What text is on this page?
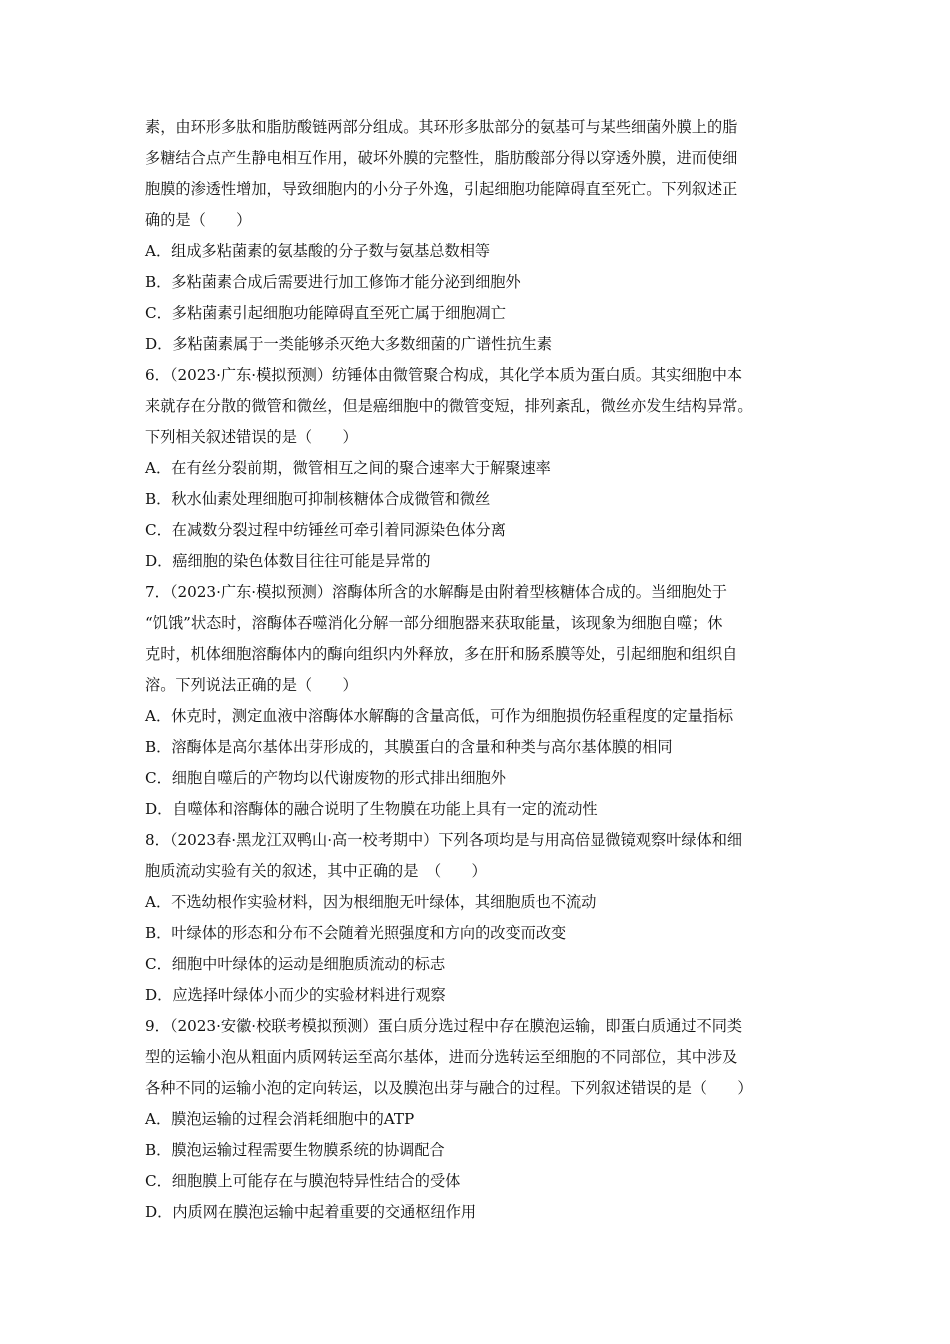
素，由环形多肽和脂肪酸链两部分组成。其环形多肽部分的氨基可与某些细菌外膜上的脂
多糖结合点产生静电相互作用，破坏外膜的完整性，脂肪酸部分得以穿透外膜，进而使细
胞膜的渗透性增加，导致细胞内的小分子外逸，引起细胞功能障碍直至死亡。下列叙述正
确的是（　　）
A．组成多粘菌素的氨基酸的分子数与氨基总数相等
B．多粘菌素合成后需要进行加工修饰才能分泌到细胞外
C．多粘菌素引起细胞功能障碍直至死亡属于细胞凋亡
D．多粘菌素属于一类能够杀灭绝大多数细菌的广谱性抗生素
6．（2023·广东·模拟预测）纺锤体由微管聚合构成，其化学本质为蛋白质。其实细胞中本
来就存在分散的微管和微丝，但是癌细胞中的微管变短，排列紊乱，微丝亦发生结构异常。
下列相关叙述错误的是（　　）
A．在有丝分裂前期，微管相互之间的聚合速率大于解聚速率
B．秋水仙素处理细胞可抑制核糖体合成微管和微丝
C．在减数分裂过程中纺锤丝可牵引着同源染色体分离
D．癌细胞的染色体数目往往可能是异常的
7．（2023·广东·模拟预测）溶酶体所含的水解酶是由附着型核糖体合成的。当细胞处于
“饥饿”状态时，溶酶体吞噬消化分解一部分细胞器来获取能量，该现象为细胞自噬；休
克时，机体细胞溶酶体内的酶向组织内外释放，多在肝和肠系膜等处，引起细胞和组织自
溶。下列说法正确的是（　　）
A．休克时，测定血液中溶酶体水解酶的含量高低，可作为细胞损伤轻重程度的定量指标
B．溶酶体是高尔基体出芽形成的，其膜蛋白的含量和种类与高尔基体膜的相同
C．细胞自噬后的产物均以代谢废物的形式排出细胞外
D．自噬体和溶酶体的融合说明了生物膜在功能上具有一定的流动性
8．（2023春·黑龙江双鸭山·高一校考期中）下列各项均是与用高倍显微镜观察叶绿体和细
胞质流动实验有关的叙述，其中正确的是　（　　）
A．不选幼根作实验材料，因为根细胞无叶绿体，其细胞质也不流动
B．叶绿体的形态和分布不会随着光照强度和方向的改变而改变
C．细胞中叶绿体的运动是细胞质流动的标志
D．应选择叶绿体小而少的实验材料进行观察
9．（2023·安徽·校联考模拟预测）蛋白质分选过程中存在膜泡运输，即蛋白质通过不同类
型的运输小泡从粗面内质网转运至高尔基体，进而分选转运至细胞的不同部位，其中涉及
各种不同的运输小泡的定向转运，以及膜泡出芽与融合的过程。下列叙述错误的是（　　）
A．膜泡运输的过程会消耗细胞中的ATP
B．膜泡运输过程需要生物膜系统的协调配合
C．细胞膜上可能存在与膜泡特异性结合的受体
D．内质网在膜泡运输中起着重要的交通枢纽作用
